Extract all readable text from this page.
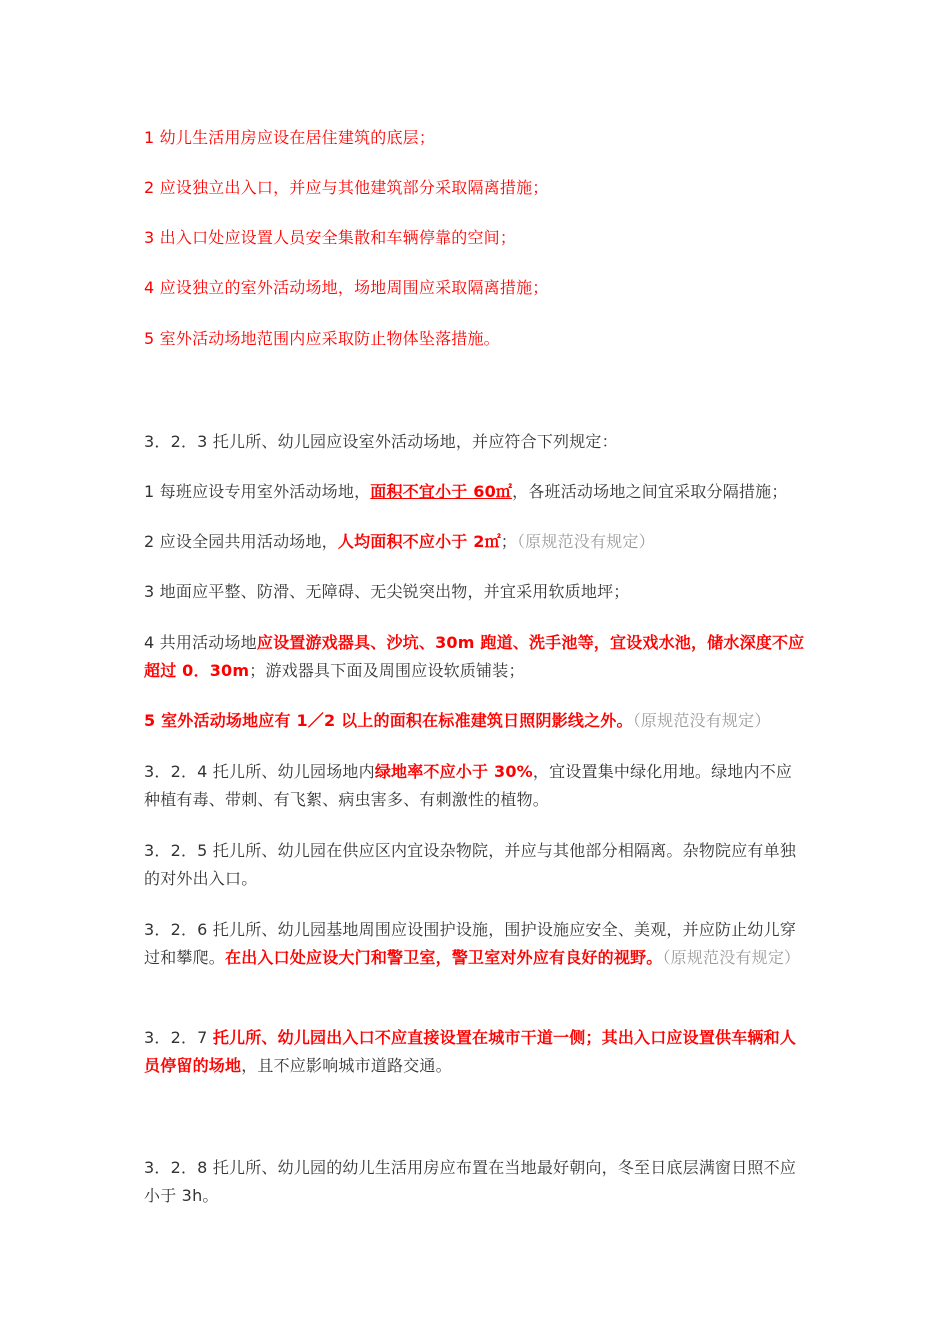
1 幼儿生活用房应设在居住建筑的底层；

2 应设独立出入口，并应与其他建筑部分采取隔离措施；

3 出入口处应设置人员安全集散和车辆停靠的空间；

4 应设独立的室外活动场地，场地周围应采取隔离措施；

5 室外活动场地范围内应采取防止物体坠落措施。

3．2．3 托儿所、幼儿园应设室外活动场地，并应符合下列规定：

1 每班应设专用室外活动场地，面积不宜小于 60㎡，各班活动场地之间宜采取分隔措施；

2 应设全园共用活动场地，人均面积不应小于 2㎡；（原规范没有规定）

3 地面应平整、防滑、无障碍、无尖锐突出物，并宜采用软质地坪；

4 共用活动场地应设置游戏器具、沙坑、30m 跑道、洗手池等，宜设戏水池，储水深度不应超过 0．30m；游戏器具下面及周围应设软质铺装；

5 室外活动场地应有 1／2 以上的面积在标准建筑日照阴影线之外。（原规范没有规定）

3．2．4 托儿所、幼儿园场地内绿地率不应小于 30%，宜设置集中绿化用地。绿地内不应种植有毒、带刺、有飞絮、病虫害多、有刺激性的植物。

3．2．5 托儿所、幼儿园在供应区内宜设杂物院，并应与其他部分相隔离。杂物院应有单独的对外出入口。

3．2．6 托儿所、幼儿园基地周围应设围护设施，围护设施应安全、美观，并应防止幼儿穿过和攀爬。在出入口处应设大门和警卫室，警卫室对外应有良好的视野。（原规范没有规定）

3．2．7 托儿所、幼儿园出入口不应直接设置在城市干道一侧；其出入口应设置供车辆和人员停留的场地，且不应影响城市道路交通。

3．2．8 托儿所、幼儿园的幼儿生活用房应布置在当地最好朝向，冬至日底层满窗日照不应小于 3h。
